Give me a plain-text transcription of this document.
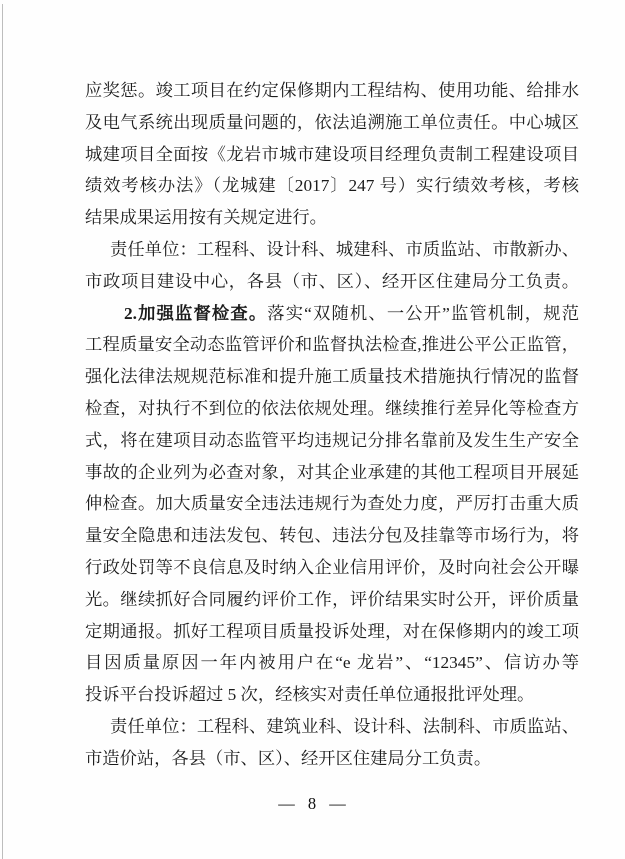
应奖惩。竣工项目在约定保修期内工程结构、使用功能、给排水
及电气系统出现质量问题的，依法追溯施工单位责任。中心城区
城建项目全面按《龙岩市城市建设项目经理负责制工程建设项目
绩效考核办法》（龙城建〔2017〕247 号）实行绩效考核，考核
结果成果运用按有关规定进行。
责任单位：工程科、设计科、城建科、市质监站、市散新办、
市政项目建设中心，各县（市、区）、经开区住建局分工负责。
2.加强监督检查。落实“双随机、一公开”监管机制，规范
工程质量安全动态监管评价和监督执法检查,推进公平公正监管，
强化法律法规规范标准和提升施工质量技术措施执行情况的监督
检查，对执行不到位的依法依规处理。继续推行差异化等检查方
式，将在建项目动态监管平均违规记分排名靠前及发生生产安全
事故的企业列为必查对象，对其企业承建的其他工程项目开展延
伸检查。加大质量安全违法违规行为查处力度，严厉打击重大质
量安全隐患和违法发包、转包、违法分包及挂靠等市场行为，将
行政处罚等不良信息及时纳入企业信用评价，及时向社会公开曝
光。继续抓好合同履约评价工作，评价结果实时公开，评价质量
定期通报。抓好工程项目质量投诉处理，对在保修期内的竣工项
目因质量原因一年内被用户在“e 龙岩”、“12345”、信访办等
投诉平台投诉超过 5 次，经核实对责任单位通报批评处理。
责任单位：工程科、建筑业科、设计科、法制科、市质监站、
市造价站，各县（市、区）、经开区住建局分工负责。
— 8 —
